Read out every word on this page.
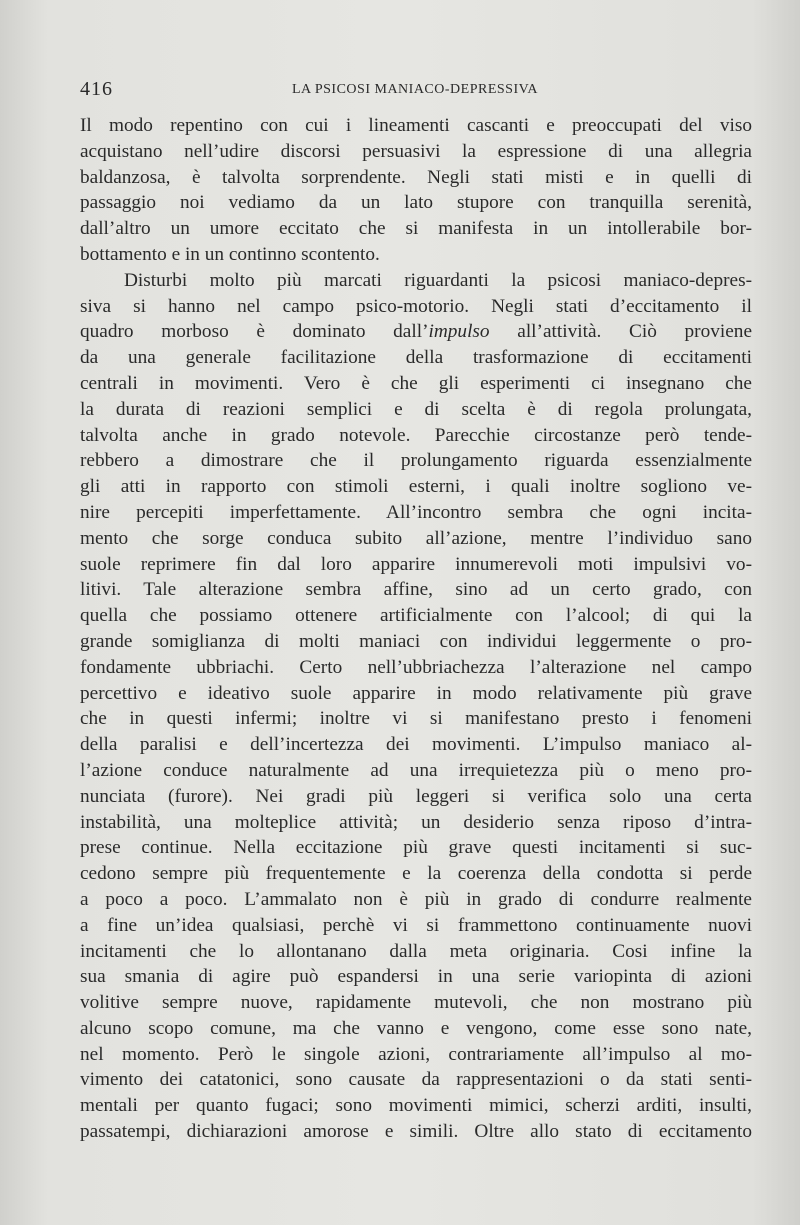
416	LA PSICOSI MANIACO-DEPRESSIVA
Il modo repentino con cui i lineamenti cascanti e preoccupati del viso
acquistano nell’udire discorsi persuasivi la espressione di una allegria
baldanzosa, è talvolta sorprendente. Negli stati misti e in quelli di
passaggio noi vediamo da un lato stupore con tranquilla serenità,
dall’altro un umore eccitato che si manifesta in un intollerabile bor-
bottamento e in un continno scontento.
Disturbi molto più marcati riguardanti la psicosi maniaco-depres-
siva si hanno nel campo psico-motorio. Negli stati d’eccitamento il
quadro morboso è dominato dall’impulso all’attività. Ciò proviene
da una generale facilitazione della trasformazione di eccitamenti
centrali in movimenti. Vero è che gli esperimenti ci insegnano che
la durata di reazioni semplici e di scelta è di regola prolungata,
talvolta anche in grado notevole. Parecchie circostanze però tende-
rebbero a dimostrare che il prolungamento riguarda essenzialmente
gli atti in rapporto con stimoli esterni, i quali inoltre sogliono ve-
nire percepiti imperfettamente. All’incontro sembra che ogni incita-
mento che sorge conduca subito all’azione, mentre l’individuo sano
suole reprimere fin dal loro apparire innumerevoli moti impulsivi vo-
litivi. Tale alterazione sembra affine, sino ad un certo grado, con
quella che possiamo ottenere artificialmente con l’alcool; di qui la
grande somiglianza di molti maniaci con individui leggermente o pro-
fondamente ubbriachi. Certo nell’ubbriachezza l’alterazione nel campo
percettivo e ideativo suole apparire in modo relativamente più grave
che in questi infermi; inoltre vi si manifestano presto i fenomeni
della paralisi e dell’incertezza dei movimenti. L’impulso maniaco al-
l’azione conduce naturalmente ad una irrequietezza più o meno pro-
nunciata (furore). Nei gradi più leggeri si verifica solo una certa
instabilità, una molteplice attività; un desiderio senza riposo d’intra-
prese continue. Nella eccitazione più grave questi incitamenti si suc-
cedono sempre più frequentemente e la coerenza della condotta si perde
a poco a poco. L’ammalato non è più in grado di condurre realmente
a fine un’idea qualsiasi, perchè vi si frammettono continuamente nuovi
incitamenti che lo allontanano dalla meta originaria. Cosi infine la
sua smania di agire può espandersi in una serie variopinta di azioni
volitive sempre nuove, rapidamente mutevoli, che non mostrano più
alcuno scopo comune, ma che vanno e vengono, come esse sono nate,
nel momento. Però le singole azioni, contrariamente all’impulso al mo-
vimento dei catatonici, sono causate da rappresentazioni o da stati senti-
mentali per quanto fugaci; sono movimenti mimici, scherzi arditi, insulti,
passatempi, dichiarazioni amorose e simili. Oltre allo stato di eccitamento
